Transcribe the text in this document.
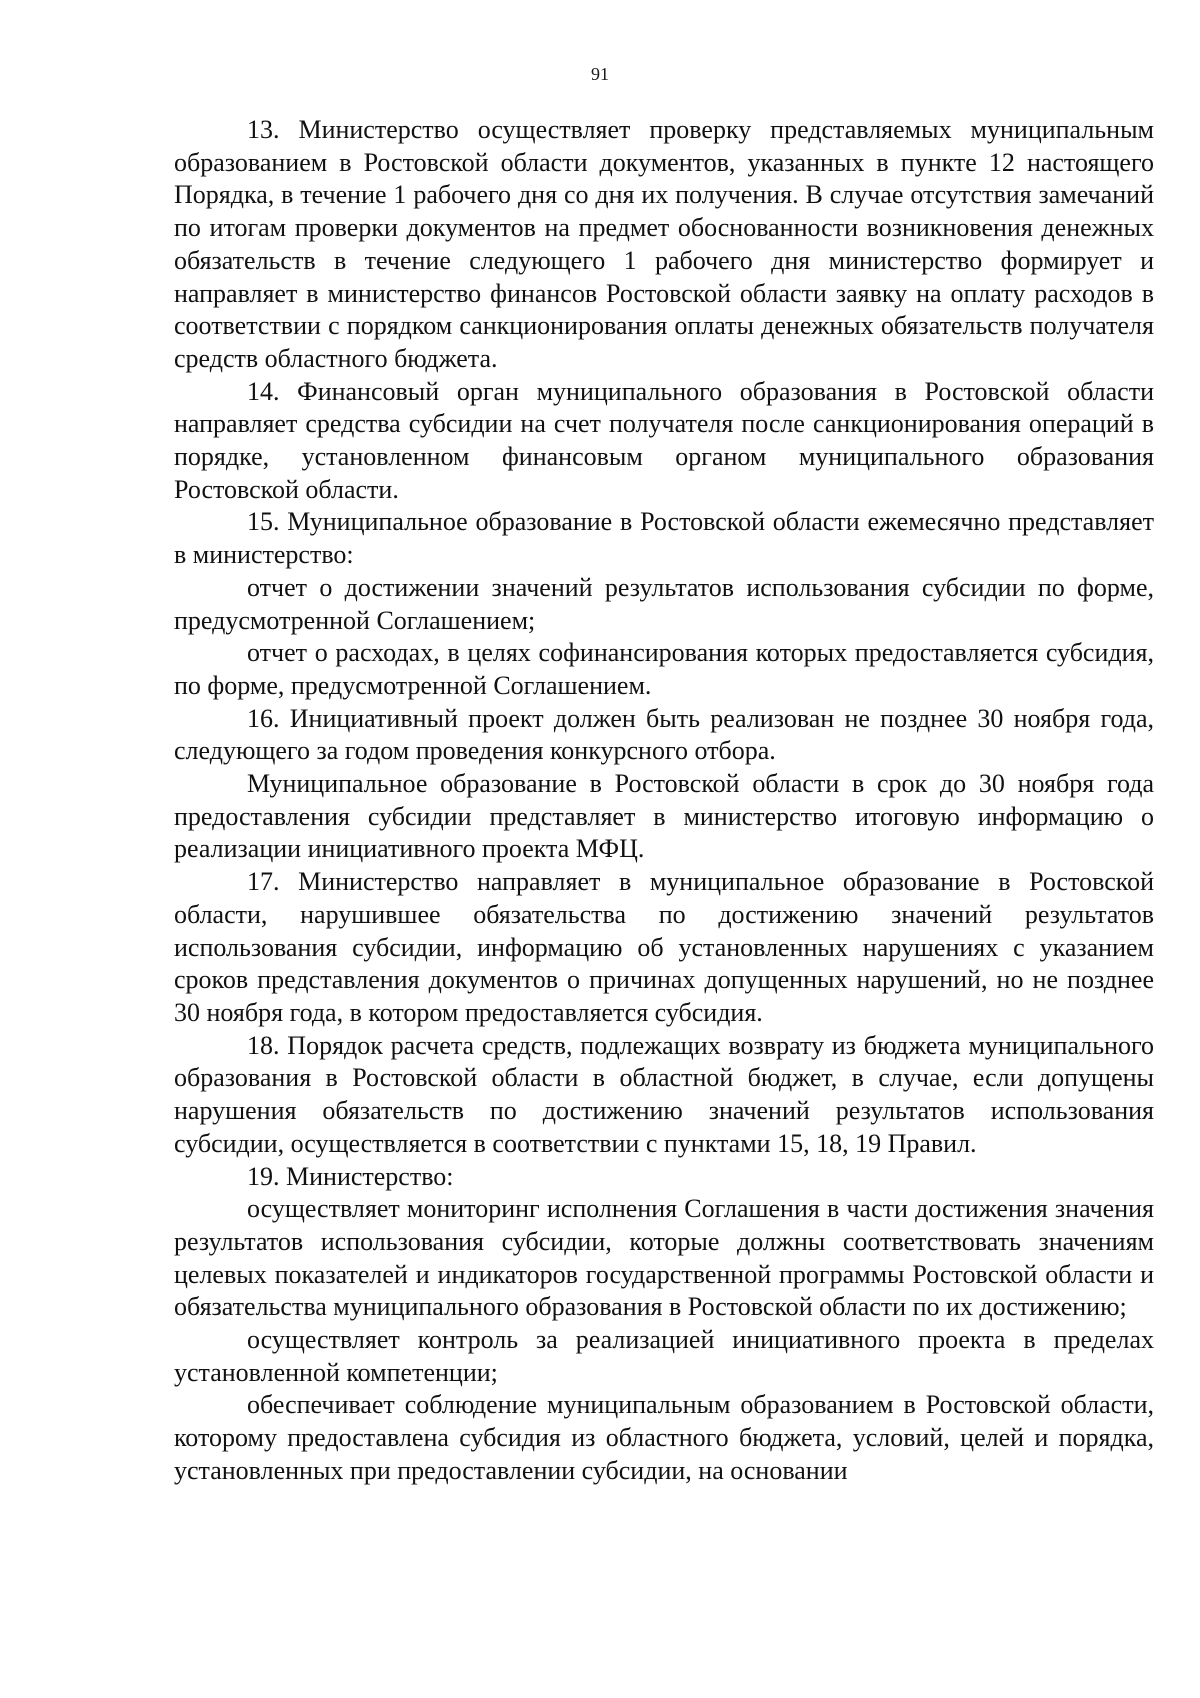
91

13. Министерство осуществляет проверку представляемых муниципальным образованием в Ростовской области документов, указанных в пункте 12 настоящего Порядка, в течение 1 рабочего дня со дня их получения. В случае отсутствия замечаний по итогам проверки документов на предмет обоснованности возникновения денежных обязательств в течение следующего 1 рабочего дня министерство формирует и направляет в министерство финансов Ростовской области заявку на оплату расходов в соответствии с порядком санкционирования оплаты денежных обязательств получателя средств областного бюджета.

14. Финансовый орган муниципального образования в Ростовской области направляет средства субсидии на счет получателя после санкционирования операций в порядке, установленном финансовым органом муниципального образования Ростовской области.

15. Муниципальное образование в Ростовской области ежемесячно представляет в министерство:

отчет о достижении значений результатов использования субсидии по форме, предусмотренной Соглашением;

отчет о расходах, в целях софинансирования которых предоставляется субсидия, по форме, предусмотренной Соглашением.

16. Инициативный проект должен быть реализован не позднее 30 ноября года, следующего за годом проведения конкурсного отбора.

Муниципальное образование в Ростовской области в срок до 30 ноября года предоставления субсидии представляет в министерство итоговую информацию о реализации инициативного проекта МФЦ.

17. Министерство направляет в муниципальное образование в Ростовской области, нарушившее обязательства по достижению значений результатов использования субсидии, информацию об установленных нарушениях с указанием сроков представления документов о причинах допущенных нарушений, но не позднее 30 ноября года, в котором предоставляется субсидия.

18. Порядок расчета средств, подлежащих возврату из бюджета муниципального образования в Ростовской области в областной бюджет, в случае, если допущены нарушения обязательств по достижению значений результатов использования субсидии, осуществляется в соответствии с пунктами 15, 18, 19 Правил.

19. Министерство:

осуществляет мониторинг исполнения Соглашения в части достижения значения результатов использования субсидии, которые должны соответствовать значениям целевых показателей и индикаторов государственной программы Ростовской области и обязательства муниципального образования в Ростовской области по их достижению;

осуществляет контроль за реализацией инициативного проекта в пределах установленной компетенции;

обеспечивает соблюдение муниципальным образованием в Ростовской области, которому предоставлена субсидия из областного бюджета, условий, целей и порядка, установленных при предоставлении субсидии, на основании
